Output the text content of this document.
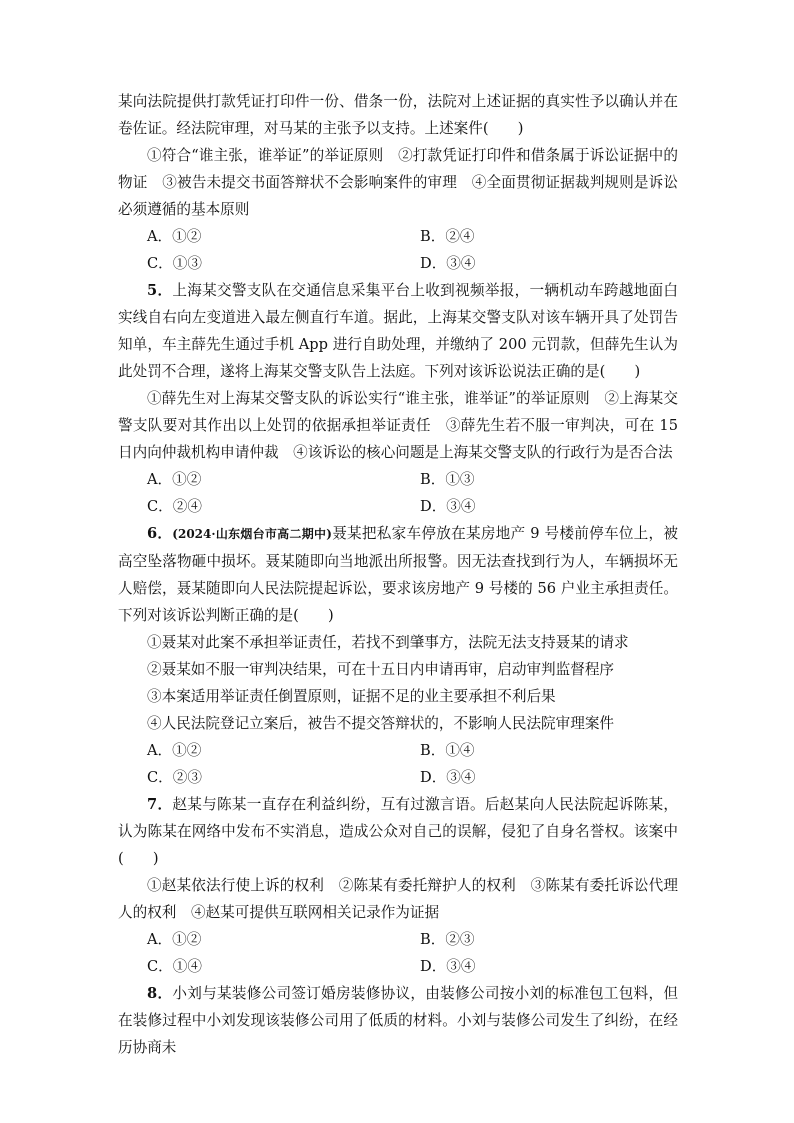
某向法院提供打款凭证打印件一份、借条一份，法院对上述证据的真实性予以确认并在卷佐证。经法院审理，对马某的主张予以支持。上述案件(　　)

①符合“谁主张，谁举证”的举证原则　②打款凭证打印件和借条属于诉讼证据中的物证　③被告未提交书面答辩状不会影响案件的审理　④全面贯彻证据裁判规则是诉讼必须遵循的基本原则

A．①②	B．②④
C．①③	D．③④

5．上海某交警支队在交通信息采集平台上收到视频举报，一辆机动车跨越地面白实线自右向左变道进入最左侧直行车道。据此，上海某交警支队对该车辆开具了处罚告知单，车主薛先生通过手机 App 进行自助处理，并缴纳了 200 元罚款，但薛先生认为此处罚不合理，遂将上海某交警支队告上法庭。下列对该诉讼说法正确的是(　　)

①薛先生对上海某交警支队的诉讼实行“谁主张，谁举证”的举证原则　②上海某交警支队要对其作出以上处罚的依据承担举证责任　③薛先生若不服一审判决，可在 15 日内向仲裁机构申请仲裁　④该诉讼的核心问题是上海某交警支队的行政行为是否合法

A．①②	B．①③
C．②④	D．③④

6．(2024·山东烟台市高二期中)聂某把私家车停放在某房地产 9 号楼前停车位上，被高空坠落物砸中损坏。聂某随即向当地派出所报警。因无法查找到行为人，车辆损坏无人赔偿，聂某随即向人民法院提起诉讼，要求该房地产 9 号楼的 56 户业主承担责任。下列对该诉讼判断正确的是(　　)

①聂某对此案不承担举证责任，若找不到肇事方，法院无法支持聂某的请求

②聂某如不服一审判决结果，可在十五日内申请再审，启动审判监督程序

③本案适用举证责任倒置原则，证据不足的业主要承担不利后果

④人民法院登记立案后，被告不提交答辩状的，不影响人民法院审理案件

A．①②	B．①④
C．②③	D．③④

7．赵某与陈某一直存在利益纠纷，互有过激言语。后赵某向人民法院起诉陈某，认为陈某在网络中发布不实消息，造成公众对自己的误解，侵犯了自身名誉权。该案中(　　)

①赵某依法行使上诉的权利　②陈某有委托辩护人的权利　③陈某有委托诉讼代理人的权利　④赵某可提供互联网相关记录作为证据

A．①②	B．②③
C．①④	D．③④

8．小刘与某装修公司签订婚房装修协议，由装修公司按小刘的标准包工包料，但在装修过程中小刘发现该装修公司用了低质的材料。小刘与装修公司发生了纠纷，在经历协商未
